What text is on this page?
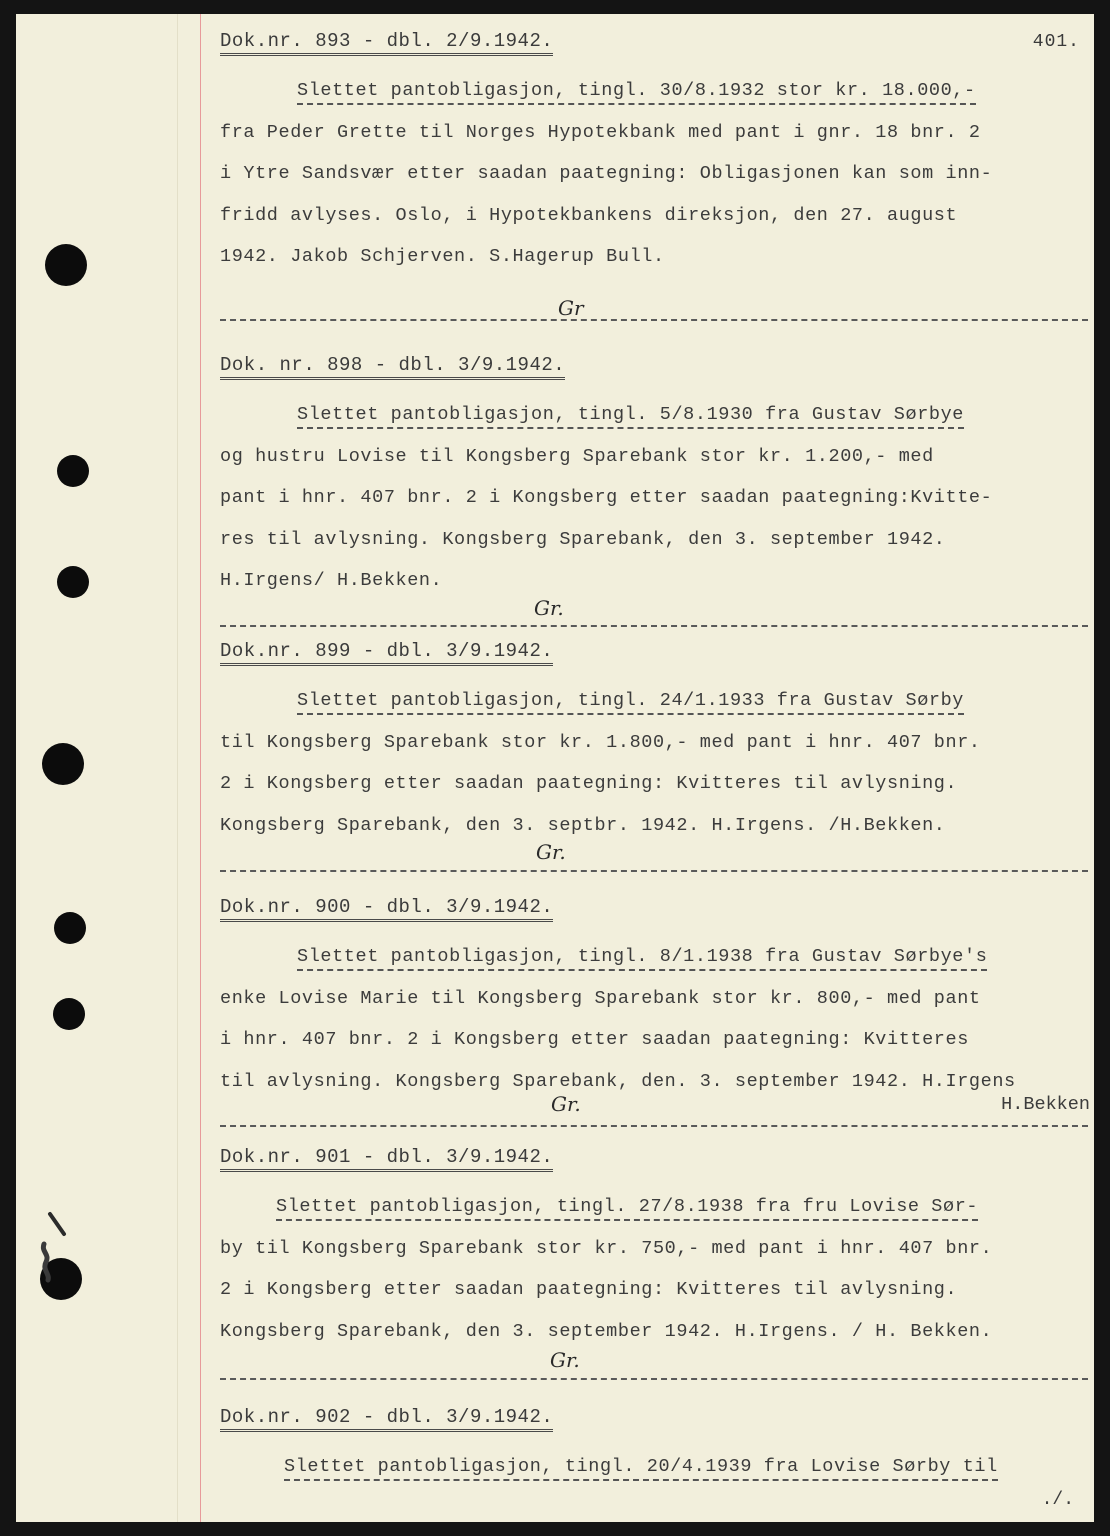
401.
Dok.nr. 893 - dbl. 2/9.1942.
Slettet pantobligasjon, tingl. 30/8.1932 stor kr. 18.000,-
fra Peder Grette til Norges Hypotekbank med pant i gnr. 18 bnr. 2
i Ytre Sandsvær etter saadan paategning: Obligasjonen kan som inn-
fridd avlyses. Oslo, i Hypotekbankens direksjon, den 27. august
1942. Jakob Schjerven. S.Hagerup Bull.
Gr
Dok. nr. 898 - dbl. 3/9.1942.
Slettet pantobligasjon, tingl. 5/8.1930 fra Gustav Sørbye
og hustru Lovise til Kongsberg Sparebank stor kr. 1.200,- med
pant i hnr. 407 bnr. 2 i Kongsberg etter saadan paategning:Kvitte-
res til avlysning. Kongsberg Sparebank, den 3. september 1942.
H.Irgens/ H.Bekken.
Gr.
Dok.nr. 899 - dbl. 3/9.1942.
Slettet pantobligasjon, tingl. 24/1.1933 fra Gustav Sørby
til Kongsberg Sparebank stor kr. 1.800,- med pant i hnr. 407 bnr.
2 i Kongsberg etter saadan paategning: Kvitteres til avlysning.
Kongsberg Sparebank, den 3. septbr. 1942. H.Irgens. /H.Bekken.
Gr.
Dok.nr. 900 - dbl. 3/9.1942.
Slettet pantobligasjon, tingl. 8/1.1938 fra Gustav Sørbye's
enke Lovise Marie til Kongsberg Sparebank stor kr. 800,- med pant
i hnr. 407 bnr. 2 i Kongsberg etter saadan paategning: Kvitteres
til avlysning. Kongsberg Sparebank, den. 3. september 1942. H.Irgens
H.Bekken
Gr.
Dok.nr. 901 - dbl. 3/9.1942.
Slettet pantobligasjon, tingl. 27/8.1938 fra fru Lovise Sør-
by til Kongsberg Sparebank stor kr. 750,- med pant i hnr. 407 bnr.
2 i Kongsberg etter saadan paategning: Kvitteres til avlysning.
Kongsberg Sparebank, den 3. september 1942. H.Irgens. / H. Bekken.
Gr.
Dok.nr. 902 - dbl. 3/9.1942.
Slettet pantobligasjon, tingl. 20/4.1939 fra Lovise Sørby til
./.
